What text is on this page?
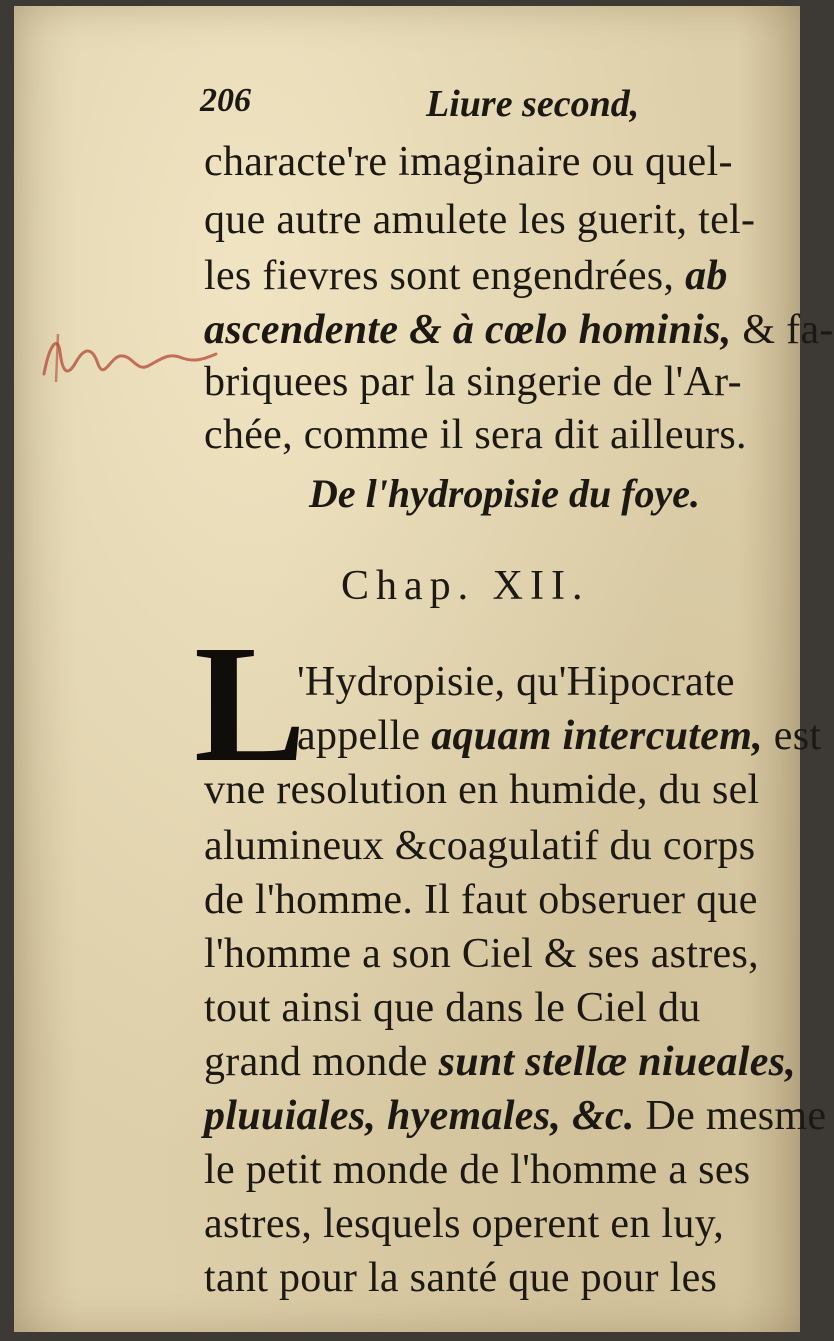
206	Liure second,
characte're imaginaire ou quel-
que autre amulete les guerit, tel-
les fievres sont engendrées, ab
ascendente & à cœlo hominis, & fa-
briquees par la singerie de l'Ar-
chée, comme il sera dit ailleurs.
De l'hydropisie du foye.
Chap. XII.
L
'Hydropisie, qu'Hipocrate
appelle aquam intercutem, est
vne resolution en humide, du sel
alumineux &coagulatif du corps
de l'homme. Il faut obseruer que
l'homme a son Ciel & ses astres,
tout ainsi que dans le Ciel du
grand monde sunt stellæ niueales,
pluuiales, hyemales, &c. De mesme
le petit monde de l'homme a ses
astres, lesquels operent en luy,
tant pour la santé que pour les
